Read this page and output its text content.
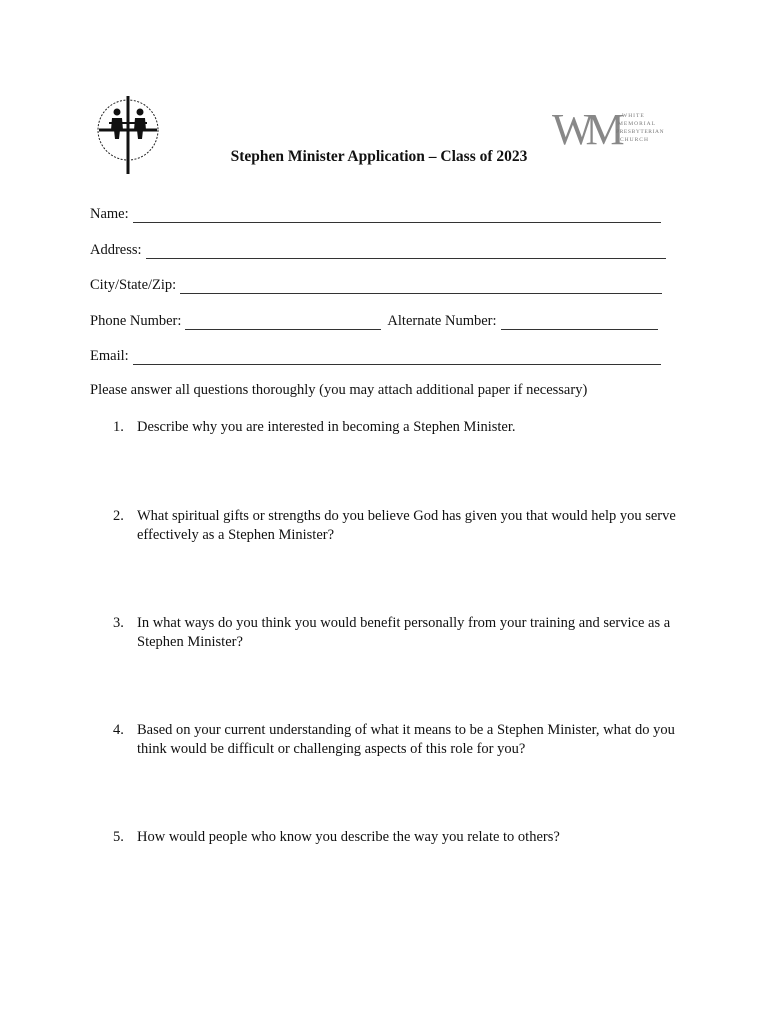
WM WHITE
MEMORIAL
PRESBYTERIAN
CHURCH
Stephen Minister Application – Class of 2023
Name:
Address:
City/State/Zip:
Phone Number:	Alternate Number:
Email:
Please answer all questions thoroughly (you may attach additional paper if necessary)
1. Describe why you are interested in becoming a Stephen Minister.
2. What spiritual gifts or strengths do you believe God has given you that would help you serve effectively as a Stephen Minister?
3. In what ways do you think you would benefit personally from your training and service as a Stephen Minister?
4. Based on your current understanding of what it means to be a Stephen Minister, what do you think would be difficult or challenging aspects of this role for you?
5. How would people who know you describe the way you relate to others?
